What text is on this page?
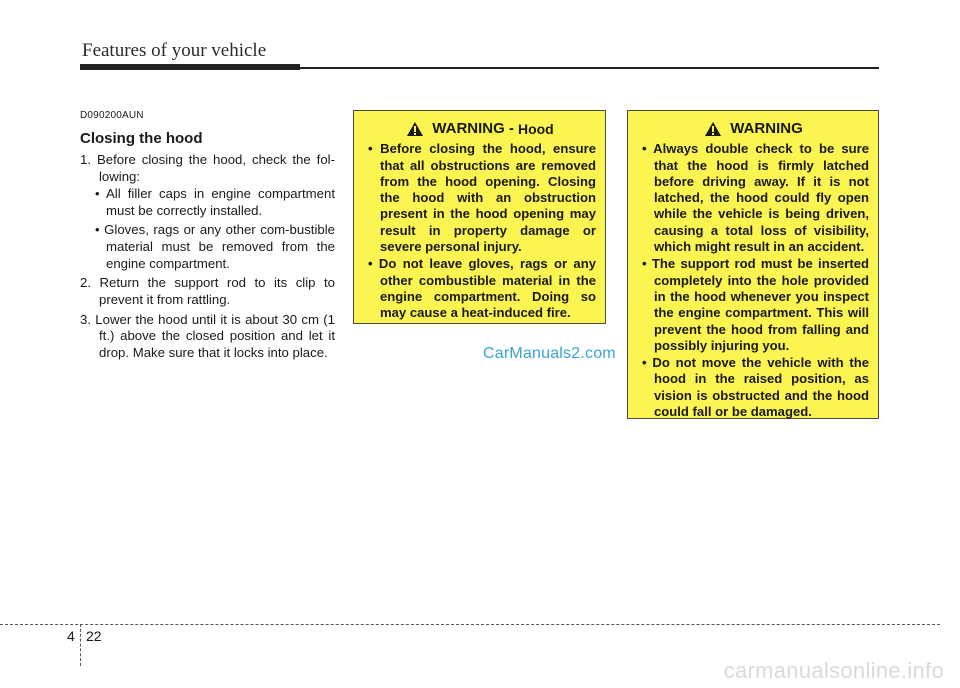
Features of your vehicle
D090200AUN
Closing the hood

1. Before closing the hood, check the fol-lowing:

• All filler caps in engine compartment must be correctly installed.

• Gloves, rags or any other com-bustible material must be removed from the engine compartment.

2. Return the support rod to its clip to prevent it from rattling.

3. Lower the hood until it is about 30 cm (1 ft.) above the closed position and let it drop. Make sure that it locks into place.

WARNING - Hood

• Before closing the hood, ensure that all obstructions are removed from the hood opening. Closing the hood with an obstruction present in the hood opening may result in property damage or severe personal injury.

• Do not leave gloves, rags or any other combustible material in the engine compartment. Doing so may cause a heat-induced fire.

WARNING

• Always double check to be sure that the hood is firmly latched before driving away. If it is not latched, the hood could fly open while the vehicle is being driven, causing a total loss of visibility, which might result in an accident.

• The support rod must be inserted completely into the hole provided in the hood whenever you inspect the engine compartment. This will prevent the hood from falling and possibly injuring you.

• Do not move the vehicle with the hood in the raised position, as vision is obstructed and the hood could fall or be damaged.

CarManuals2.com
4 22
carmanualsonline.info
